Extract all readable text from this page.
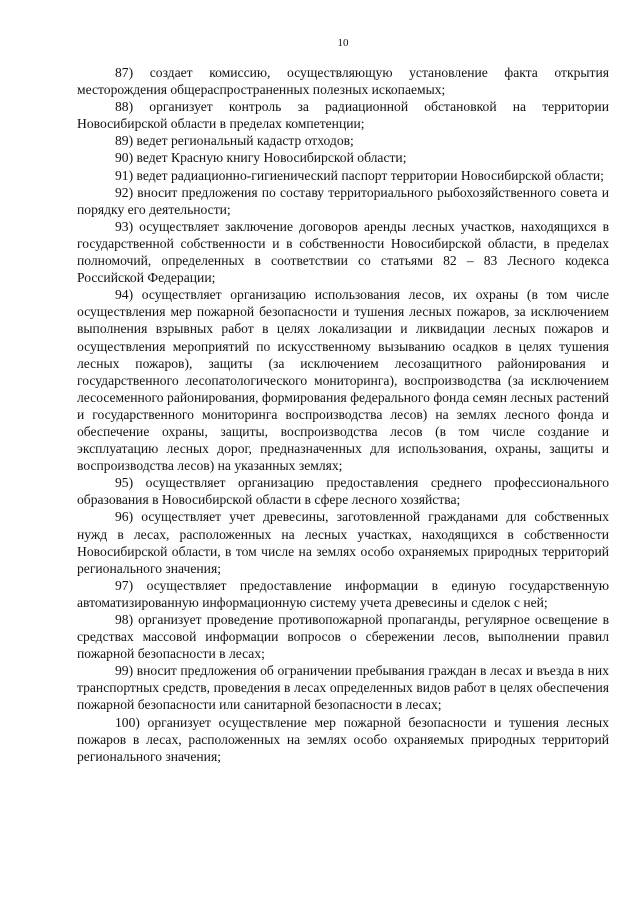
10

87) создает комиссию, осуществляющую установление факта открытия месторождения общераспространенных полезных ископаемых;

88) организует контроль за радиационной обстановкой на территории Новосибирской области в пределах компетенции;

89) ведет региональный кадастр отходов;

90) ведет Красную книгу Новосибирской области;

91) ведет радиационно-гигиенический паспорт территории Новосибирской области;

92) вносит предложения по составу территориального рыбохозяйственного совета и порядку его деятельности;

93) осуществляет заключение договоров аренды лесных участков, находящихся в государственной собственности и в собственности Новосибирской области, в пределах полномочий, определенных в соответствии со статьями 82 – 83 Лесного кодекса Российской Федерации;

94) осуществляет организацию использования лесов, их охраны (в том числе осуществления мер пожарной безопасности и тушения лесных пожаров, за исключением выполнения взрывных работ в целях локализации и ликвидации лесных пожаров и осуществления мероприятий по искусственному вызыванию осадков в целях тушения лесных пожаров), защиты (за исключением лесозащитного районирования и государственного лесопатологического мониторинга), воспроизводства (за исключением лесосеменного районирования, формирования федерального фонда семян лесных растений и государственного мониторинга воспроизводства лесов) на землях лесного фонда и обеспечение охраны, защиты, воспроизводства лесов (в том числе создание и эксплуатацию лесных дорог, предназначенных для использования, охраны, защиты и воспроизводства лесов) на указанных землях;

95) осуществляет организацию предоставления среднего профессионального образования в Новосибирской области в сфере лесного хозяйства;

96) осуществляет учет древесины, заготовленной гражданами для собственных нужд в лесах, расположенных на лесных участках, находящихся в собственности Новосибирской области, в том числе на землях особо охраняемых природных территорий регионального значения;

97) осуществляет предоставление информации в единую государственную автоматизированную информационную систему учета древесины и сделок с ней;

98) организует проведение противопожарной пропаганды, регулярное освещение в средствах массовой информации вопросов о сбережении лесов, выполнении правил пожарной безопасности в лесах;

99) вносит предложения об ограничении пребывания граждан в лесах и въезда в них транспортных средств, проведения в лесах определенных видов работ в целях обеспечения пожарной безопасности или санитарной безопасности в лесах;

100) организует осуществление мер пожарной безопасности и тушения лесных пожаров в лесах, расположенных на землях особо охраняемых природных территорий регионального значения;
